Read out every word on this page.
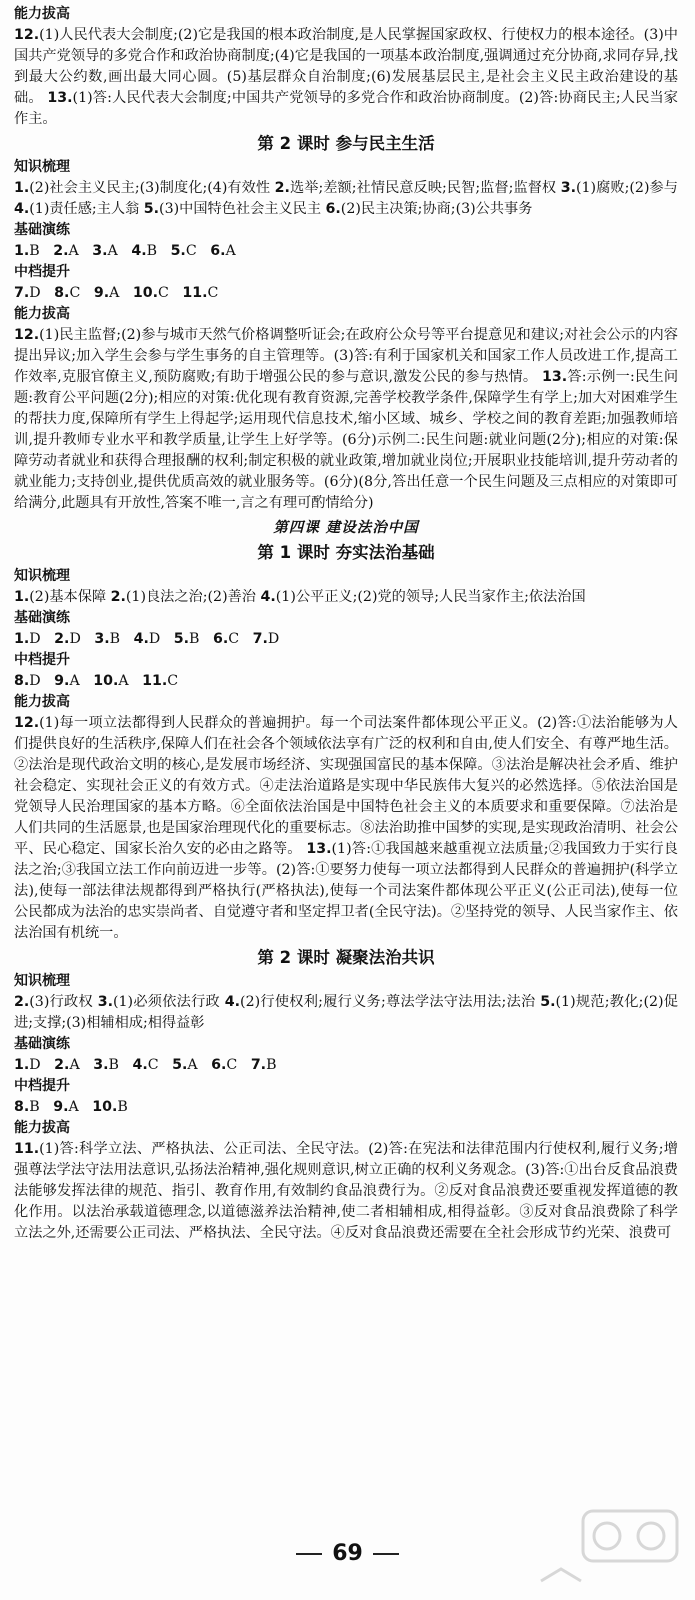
能力拔高

12.(1)人民代表大会制度;(2)它是我国的根本政治制度,是人民掌握国家政权、行使权力的根本途径。(3)中国共产党领导的多党合作和政治协商制度;(4)它是我国的一项基本政治制度,强调通过充分协商,求同存异,找到最大公约数,画出最大同心圆。(5)基层群众自治制度;(6)发展基层民主,是社会主义民主政治建设的基础。 13.(1)答:人民代表大会制度;中国共产党领导的多党合作和政治协商制度。(2)答:协商民主;人民当家作主。

第 2 课时 参与民主生活
知识梳理

1.(2)社会主义民主;(3)制度化;(4)有效性 2.选举;差额;社情民意反映;民智;监督;监督权 3.(1)腐败;(2)参与 4.(1)责任感;主人翁 5.(3)中国特色社会主义民主 6.(2)民主决策;协商;(3)公共事务

基础演练

1.B 2.A 3.A 4.B 5.C 6.A

中档提升

7.D 8.C 9.A 10.C 11.C

能力拔高

12.(1)民主监督;(2)参与城市天然气价格调整听证会;在政府公众号等平台提意见和建议;对社会公示的内容提出异议;加入学生会参与学生事务的自主管理等。(3)答:有利于国家机关和国家工作人员改进工作,提高工作效率,克服官僚主义,预防腐败;有助于增强公民的参与意识,激发公民的参与热情。 13.答:示例一:民生问题:教育公平问题(2分);相应的对策:优化现有教育资源,完善学校教学条件,保障学生有学上;加大对困难学生的帮扶力度,保障所有学生上得起学;运用现代信息技术,缩小区域、城乡、学校之间的教育差距;加强教师培训,提升教师专业水平和教学质量,让学生上好学等。(6分)示例二:民生问题:就业问题(2分);相应的对策:保障劳动者就业和获得合理报酬的权利;制定积极的就业政策,增加就业岗位;开展职业技能培训,提升劳动者的就业能力;支持创业,提供优质高效的就业服务等。(6分)(8分,答出任意一个民生问题及三点相应的对策即可给满分,此题具有开放性,答案不唯一,言之有理可酌情给分)

第四课 建设法治中国
第 1 课时 夯实法治基础
知识梳理

1.(2)基本保障 2.(1)良法之治;(2)善治 4.(1)公平正义;(2)党的领导;人民当家作主;依法治国

基础演练

1.D 2.D 3.B 4.D 5.B 6.C 7.D

中档提升

8.D 9.A 10.A 11.C

能力拔高

12.(1)每一项立法都得到人民群众的普遍拥护。每一个司法案件都体现公平正义。(2)答:①法治能够为人们提供良好的生活秩序,保障人们在社会各个领域依法享有广泛的权利和自由,使人们安全、有尊严地生活。②法治是现代政治文明的核心,是发展市场经济、实现强国富民的基本保障。③法治是解决社会矛盾、维护社会稳定、实现社会正义的有效方式。④走法治道路是实现中华民族伟大复兴的必然选择。⑤依法治国是党领导人民治理国家的基本方略。⑥全面依法治国是中国特色社会主义的本质要求和重要保障。⑦法治是人们共同的生活愿景,也是国家治理现代化的重要标志。⑧法治助推中国梦的实现,是实现政治清明、社会公平、民心稳定、国家长治久安的必由之路等。 13.(1)答:①我国越来越重视立法质量;②我国致力于实行良法之治;③我国立法工作向前迈进一步等。(2)答:①要努力使每一项立法都得到人民群众的普遍拥护(科学立法),使每一部法律法规都得到严格执行(严格执法),使每一个司法案件都体现公平正义(公正司法),使每一位公民都成为法治的忠实崇尚者、自觉遵守者和坚定捍卫者(全民守法)。②坚持党的领导、人民当家作主、依法治国有机统一。

第 2 课时 凝聚法治共识
知识梳理

2.(3)行政权 3.(1)必须依法行政 4.(2)行使权利;履行义务;尊法学法守法用法;法治 5.(1)规范;教化;(2)促进;支撑;(3)相辅相成;相得益彰

基础演练

1.D 2.A 3.B 4.C 5.A 6.C 7.B

中档提升

8.B 9.A 10.B

能力拔高

11.(1)答:科学立法、严格执法、公正司法、全民守法。(2)答:在宪法和法律范围内行使权利,履行义务;增强尊法学法守法用法意识,弘扬法治精神,强化规则意识,树立正确的权利义务观念。(3)答:①出台反食品浪费法能够发挥法律的规范、指引、教育作用,有效制约食品浪费行为。②反对食品浪费还要重视发挥道德的教化作用。以法治承载道德理念,以道德滋养法治精神,使二者相辅相成,相得益彰。③反对食品浪费除了科学立法之外,还需要公正司法、严格执法、全民守法。④反对食品浪费还需要在全社会形成节约光荣、浪费可

69
